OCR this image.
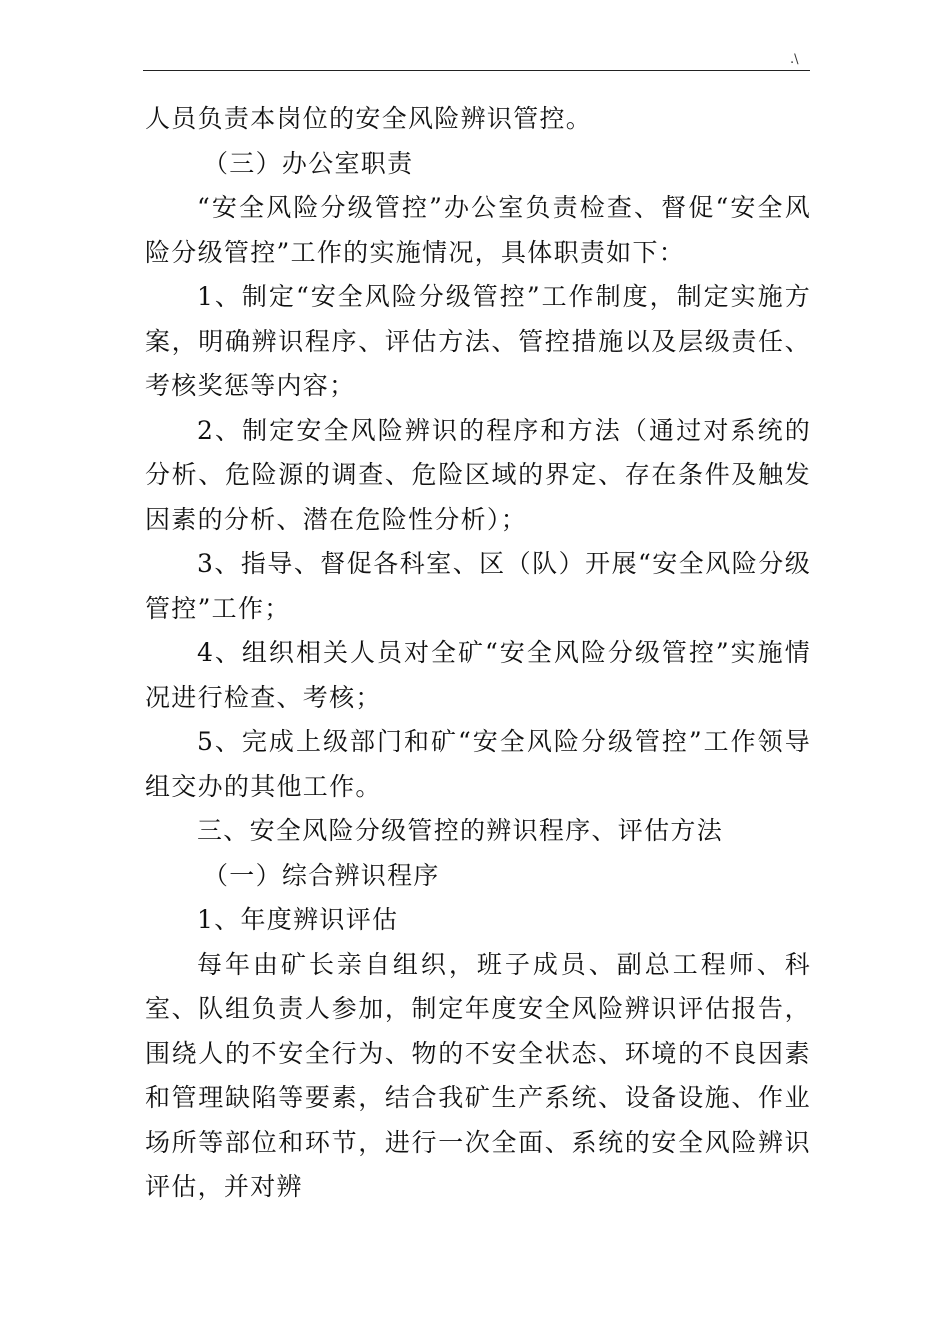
.\

人员负责本岗位的安全风险辨识管控。

（三）办公室职责

“安全风险分级管控”办公室负责检查、督促“安全风险分级管控”工作的实施情况，具体职责如下：

1、制定“安全风险分级管控”工作制度，制定实施方案，明确辨识程序、评估方法、管控措施以及层级责任、考核奖惩等内容；

2、制定安全风险辨识的程序和方法（通过对系统的分析、危险源的调查、危险区域的界定、存在条件及触发因素的分析、潜在危险性分析）；

3、指导、督促各科室、区（队）开展“安全风险分级管控”工作；

4、组织相关人员对全矿“安全风险分级管控”实施情况进行检查、考核；

5、完成上级部门和矿“安全风险分级管控”工作领导组交办的其他工作。

三、安全风险分级管控的辨识程序、评估方法

（一）综合辨识程序

1、年度辨识评估

每年由矿长亲自组织，班子成员、副总工程师、科室、队组负责人参加，制定年度安全风险辨识评估报告，围绕人的不安全行为、物的不安全状态、环境的不良因素和管理缺陷等要素，结合我矿生产系统、设备设施、作业场所等部位和环节，进行一次全面、系统的安全风险辨识评估，并对辨
